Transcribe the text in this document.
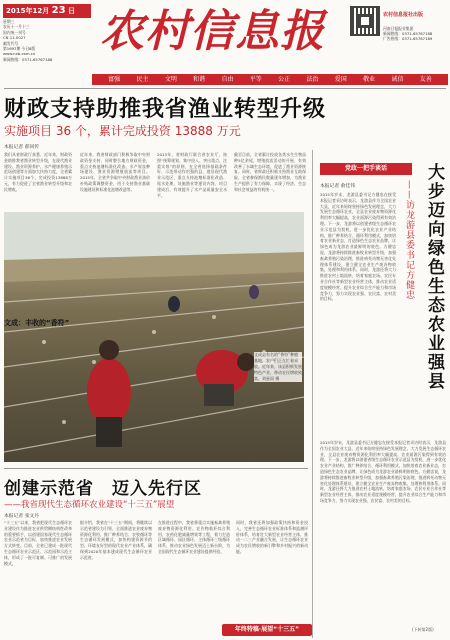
2015年12月 23 日
星期三
农历十一月十三
国内统一刊号
CN 11-0027
邮发代号
第1697期 今日8版
www.nxb.com.cn
新闻热线：0371-65767188
农村信息报	农村信息报社出版
河南日报报业集团
新闻热线：0371-65767188
广告热线：0371-65767189
富强	民主	文明	和谐	自由	平等	公正	法治	爱国	敬业	诚信	友善
财政支持助推我省渔业转型升级
实施项目 36 个，累计完成投资 13888 万元
本报记者 郝同传
我们从省财政厅获悉，近年来，财政资金助推我省渔业转型升级，在现代渔业建设、渔业资源养护、水产健康养殖示范场创建等方面加大扶持力度，全省累计实施项目36个，完成投资13888万元，有力促进了全省渔业转型升级和农民增收。
近年来，我省财政部门积极争取中央财政资金支持，同时整合地方财政资金，重点支持池塘标准化改造、水产原良种场建设、渔业资源增殖放流等项目。2015年，全省共争取中央财政渔业油价补贴政策调整资金，用于支持渔业基础设施建设和标准化池塘改造等。
2013年，省财政厅联合省农业厅，按照“统筹规划、集中投入、突出重点、注重实效”的原则，在全省选择基础条件好、示范带动作用强的县，建设现代渔业示范区，重点支持池塘标准化改造、尾水处理、设施渔业等建设内容，项目建成后，有效提升了水产品质量安全水平。
截至目前，全省累计投放各类水生生物苗种5亿余尾，增殖放流活动的开展，有效改善了水域生态环境，促进了渔业资源恢复。同时，省财政还积极支持渔业互助保险，全省参保渔民数量逐年增加，为渔业生产提供了有力保障，实现了经济、生态和社会效益的有机统一。
文成：丰收的“香符”
文成县有名的“香符”种植基地，农户们正在忙着采收。近年来，该县积极发展特色产业，带动农民增收致富。刘星雨 摄
创建示范省　迈入先行区
——我省现代生态循环农业建设“十三五”展望
本报记者 张文丹
“十三五”以来，我省把现代生态循环农业建设作为推进农业供给侧结构性改革的重要抓手，以创建国家现代生态循环农业示范省为目标，加快推进农业发展方式转变。目前，全省已建成一批现代生态循环农业示范区、示范园和示范主体，形成了一批可复制、可推广的发展模式。
据介绍，我省在“十三五”期间，将继续以示范省建设为引领，全面推进农业废弃物资源化利用，推广种养结合、农牧循环等生态循环发展模式，加快构建资源节约型、环境友好型的现代农业产业体系，确保到2020年基本建成现代生态循环农业示范省。
在推进过程中，我省将重点实施畜禽养殖废弃物资源化利用、农作物秸秆综合利用、农药化肥减量增效等工程，着力打造区域循环、园区循环、主体循环三级循环体系，推动农业绿色发展迈上新台阶，为全国现代生态循环农业建设提供经验。
同时，我省还将加强政策扶持和资金投入，完善生态循环农业标准体系和监测评价体系，培育壮大新型农业经营主体，推动一二三产业融合发展，让生态循环农业成为农民增收的新引擎和乡村振兴的新动能。
年终特稿·展望“十三五”
党政一把手谈话	大步迈向绿色生态农业强县
——访龙游县委书记方健忠
本报记者 俞佳伟
2015年岁末，龙游县委书记方健忠在接受本报记者采访时表示，龙游县作为全国农业大县，近年来始终坚持绿色发展理念，大力发展生态循环农业，全县农业废弃物资源化利用率大幅提高，农业面源污染得到有效治理。下一步，龙游将以创建省级生态循环农业示范县为契机，进一步优化农业产业结构，推广种养结合、循环利用模式，加快培育农业新业态，打造绿色生态农业品牌，让绿色成为龙游农业最鲜明的底色。方健忠说，龙游将持续推进畜牧业转型升级，加强畜禽养殖污染治理，推进病死动物无害化处理体系建设，建立健全农业生产废弃物收集、处理和利用体系。同时，龙游还将大力推进农村土地流转，培育家庭农场、农民专业合作社等新型农业经营主体，推动农业适度规模经营，提升农业综合生产能力和市场竞争力，努力实现农业强、农民富、农村美的目标。
2015年岁末，龙游县委书记方健忠在接受本报记者采访时表示，龙游县作为全国农业大县，近年来始终坚持绿色发展理念，大力发展生态循环农业，全县农业废弃物资源化利用率大幅提高，农业面源污染得到有效治理。下一步，龙游将以创建省级生态循环农业示范县为契机，进一步优化农业产业结构，推广种养结合、循环利用模式，加快培育农业新业态，打造绿色生态农业品牌，让绿色成为龙游农业最鲜明的底色。方健忠说，龙游将持续推进畜牧业转型升级，加强畜禽养殖污染治理，推进病死动物无害化处理体系建设，建立健全农业生产废弃物收集、处理和利用体系。同时，龙游还将大力推进农村土地流转，培育家庭农场、农民专业合作社等新型农业经营主体，推动农业适度规模经营，提升农业综合生产能力和市场竞争力，努力实现农业强、农民富、农村美的目标。
(下转第2版)
